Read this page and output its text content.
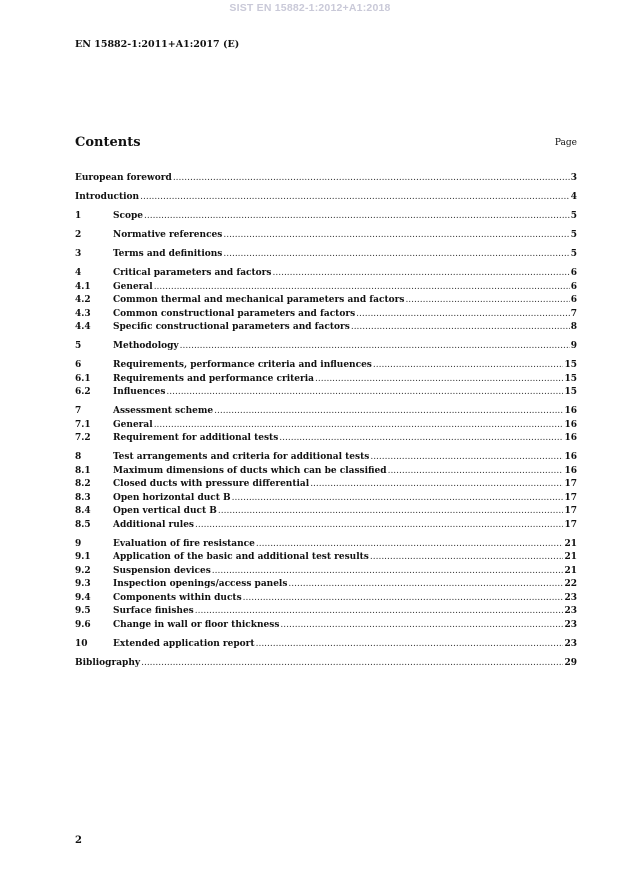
SIST EN 15882-1:2012+A1:2018
EN 15882-1:2011+A1:2017 (E)
Contents	Page
European foreword .....	3
Introduction .....	4
1	Scope .....	5
2	Normative references .....	5
3	Terms and definitions .....	5
4	Critical parameters and factors .....	6
4.1	General .....	6
4.2	Common thermal and mechanical parameters and factors .....	6
4.3	Common constructional parameters and factors .....	7
4.4	Specific constructional parameters and factors .....	8
5	Methodology .....	9
6	Requirements, performance criteria and influences .....	15
6.1	Requirements and performance criteria .....	15
6.2	Influences .....	15
7	Assessment scheme .....	16
7.1	General .....	16
7.2	Requirement for additional tests .....	16
8	Test arrangements and criteria for additional tests .....	16
8.1	Maximum dimensions of ducts which can be classified .....	16
8.2	Closed ducts with pressure differential .....	17
8.3	Open horizontal duct B .....	17
8.4	Open vertical duct B .....	17
8.5	Additional rules .....	17
9	Evaluation of fire resistance .....	21
9.1	Application of the basic and additional test results .....	21
9.2	Suspension devices .....	21
9.3	Inspection openings/access panels .....	22
9.4	Components within ducts .....	23
9.5	Surface finishes .....	23
9.6	Change in wall or floor thickness .....	23
10	Extended application report .....	23
Bibliography .....	29
2
